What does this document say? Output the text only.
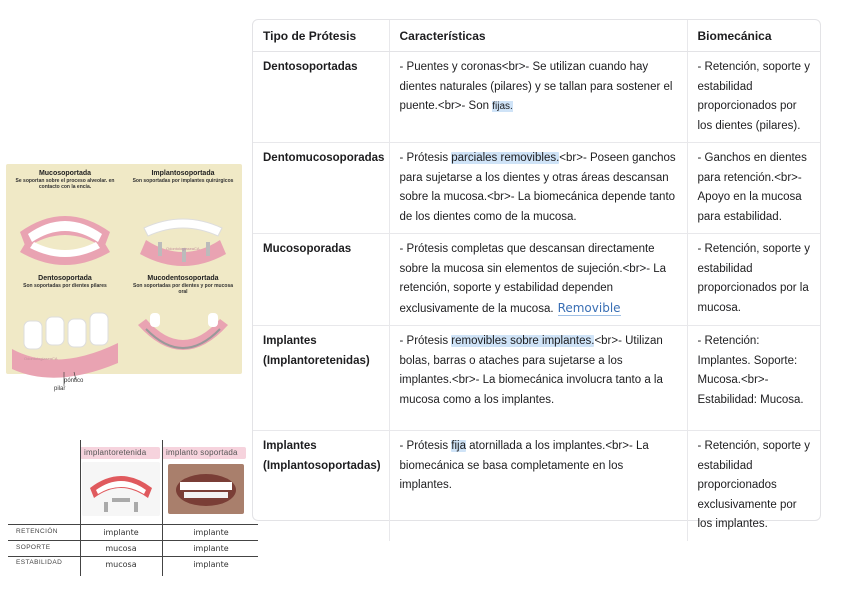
Mucosoportada
Se soportan sobre el proceso alveolar. en contacto con la encía.
Implantosoportada
Son soportadas por implantes quirúrgicos
Dentosoportada
Son soportadas por dientes pilares
Mucodentosoportada
Son soportadas por dientes y por mucosa oral
OdontologiaseaCA
OdontologiaseaCA
póntico
pilar
implantoretenida implanto soportada
RETENCIÓN	implante	implante
SOPORTE	mucosa	implante
ESTABILIDAD	mucosa	implante
Tipo de Prótesis	Características	Biomecánica
Dentosoportadas	- Puentes y coronas<br>- Se utilizan cuando hay dientes naturales (pilares) y se tallan para sostener el puente.<br>- Son fijas.	- Retención, soporte y estabilidad proporcionados por los dientes (pilares).
Dentomucosoporadas	- Prótesis parciales removibles.<br>- Poseen ganchos para sujetarse a los dientes y otras áreas descansan sobre la mucosa.<br>- La biomecánica depende tanto de los dientes como de la mucosa.	- Ganchos en dientes para retención.<br>- Apoyo en la mucosa para estabilidad.
Mucosoporadas	- Prótesis completas que descansan directamente sobre la mucosa sin elementos de sujeción.<br>- La retención, soporte y estabilidad dependen exclusivamente de la mucosa. Removible	- Retención, soporte y estabilidad proporcionados por la mucosa.
Implantes (Implantoretenidas)	- Prótesis removibles sobre implantes.<br>- Utilizan bolas, barras o ataches para sujetarse a los implantes.<br>- La biomecánica involucra tanto a la mucosa como a los implantes.	- Retención: Implantes. Soporte: Mucosa.<br>- Estabilidad: Mucosa.
Implantes (Implantosoportadas)	- Prótesis fija atornillada a los implantes.<br>- La biomecánica se basa completamente en los implantes.	- Retención, soporte y estabilidad proporcionados exclusivamente por los implantes.
